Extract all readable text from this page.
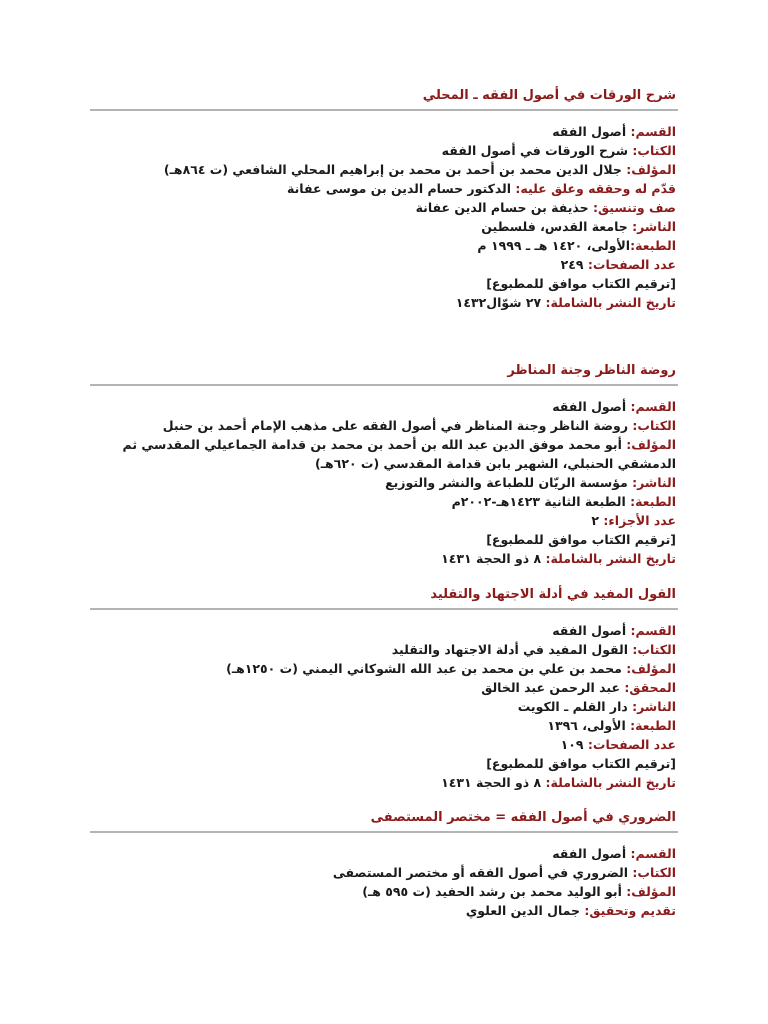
شرح الورقات في أصول الفقه ـ المحلي
القسم: أصول الفقه
الكتاب: شرح الورقات في أصول الفقه
المؤلف: جلال الدين محمد بن أحمد بن محمد بن إبراهيم المحلي الشافعي (ت ٨٦٤هـ)
قدّم له وحققه وعلق عليه: الدكتور حسام الدين بن موسى عفانة
صف وتنسيق: حذيفة بن حسام الدين عفانة
الناشر: جامعة القدس، فلسطين
الطبعة:الأولى، ١٤٢٠ هـ ـ ١٩٩٩ م
عدد الصفحات: ٢٤٩
[ترقيم الكتاب موافق للمطبوع]
تاريخ النشر بالشاملة: ٢٧ شوّال١٤٣٢
روضة الناظر وجنة المناظر
القسم: أصول الفقه
الكتاب: روضة الناظر وجنة المناظر في أصول الفقه على مذهب الإمام أحمد بن حنبل
المؤلف: أبو محمد موفق الدين عبد الله بن أحمد بن محمد بن قدامة الجماعيلي المقدسي ثم الدمشقي الحنبلي، الشهير بابن قدامة المقدسي (ت ٦٢٠هـ)
الناشر: مؤسسة الريّان للطباعة والنشر والتوزيع
الطبعة: الطبعة الثانية ١٤٢٣هـ-٢٠٠٢م
عدد الأجزاء: ٢
[ترقيم الكتاب موافق للمطبوع]
تاريخ النشر بالشاملة: ٨ ذو الحجة ١٤٣١
القول المفيد في أدلة الاجتهاد والتقليد
القسم: أصول الفقه
الكتاب: القول المفيد في أدلة الاجتهاد والتقليد
المؤلف: محمد بن علي بن محمد بن عبد الله الشوكاني اليمني (ت ١٢٥٠هـ)
المحقق: عبد الرحمن عبد الخالق
الناشر: دار القلم ـ الكويت
الطبعة: الأولى، ١٣٩٦
عدد الصفحات: ١٠٩
[ترقيم الكتاب موافق للمطبوع]
تاريخ النشر بالشاملة: ٨ ذو الحجة ١٤٣١
الضروري في أصول الفقه = مختصر المستصفى
القسم: أصول الفقه
الكتاب: الضروري في أصول الفقه أو مختصر المستصفى
المؤلف: أبو الوليد محمد بن رشد الحفيد (ت ٥٩٥ هـ)
تقديم وتحقيق: جمال الدين العلوي
